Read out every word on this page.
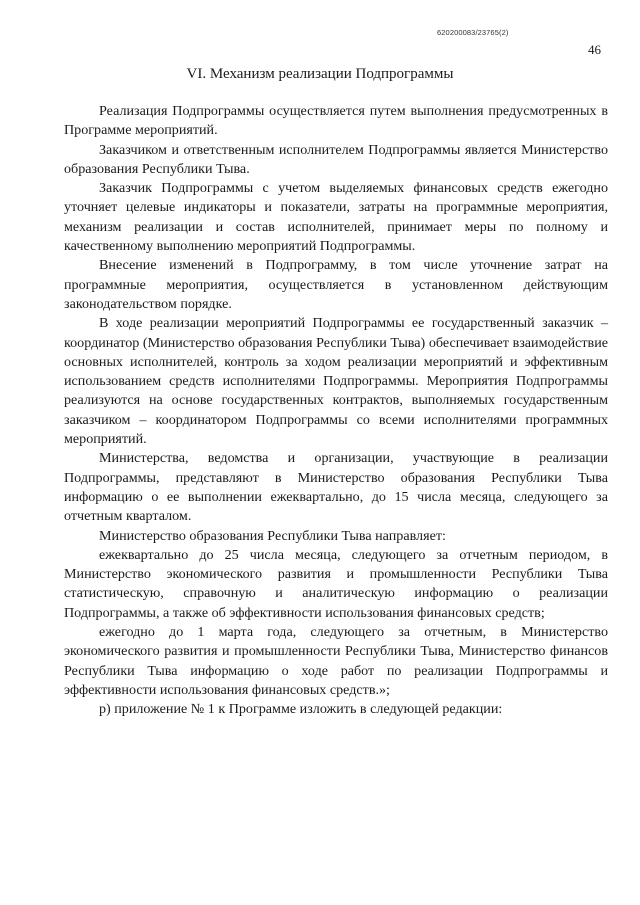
620200083/23765(2)
46
VI. Механизм реализации Подпрограммы

Реализация Подпрограммы осуществляется путем выполнения предусмотренных в Программе мероприятий.

Заказчиком и ответственным исполнителем Подпрограммы является Министерство образования Республики Тыва.

Заказчик Подпрограммы с учетом выделяемых финансовых средств ежегодно уточняет целевые индикаторы и показатели, затраты на программные мероприятия, механизм реализации и состав исполнителей, принимает меры по полному и качественному выполнению мероприятий Подпрограммы.

Внесение изменений в Подпрограмму, в том числе уточнение затрат на программные мероприятия, осуществляется в установленном действующим законодательством порядке.

В ходе реализации мероприятий Подпрограммы ее государственный заказчик – координатор (Министерство образования Республики Тыва) обеспечивает взаимодействие основных исполнителей, контроль за ходом реализации мероприятий и эффективным использованием средств исполнителями Подпрограммы. Мероприятия Подпрограммы реализуются на основе государственных контрактов, выполняемых государственным заказчиком – координатором Подпрограммы со всеми исполнителями программных мероприятий.

Министерства, ведомства и организации, участвующие в реализации Подпрограммы, представляют в Министерство образования Республики Тыва информацию о ее выполнении ежеквартально, до 15 числа месяца, следующего за отчетным кварталом.

Министерство образования Республики Тыва направляет:

ежеквартально до 25 числа месяца, следующего за отчетным периодом, в Министерство экономического развития и промышленности Республики Тыва статистическую, справочную и аналитическую информацию о реализации Подпрограммы, а также об эффективности использования финансовых средств;

ежегодно до 1 марта года, следующего за отчетным, в Министерство экономического развития и промышленности Республики Тыва, Министерство финансов Республики Тыва информацию о ходе работ по реализации Подпрограммы и эффективности использования финансовых средств.»;

р) приложение № 1 к Программе изложить в следующей редакции:
